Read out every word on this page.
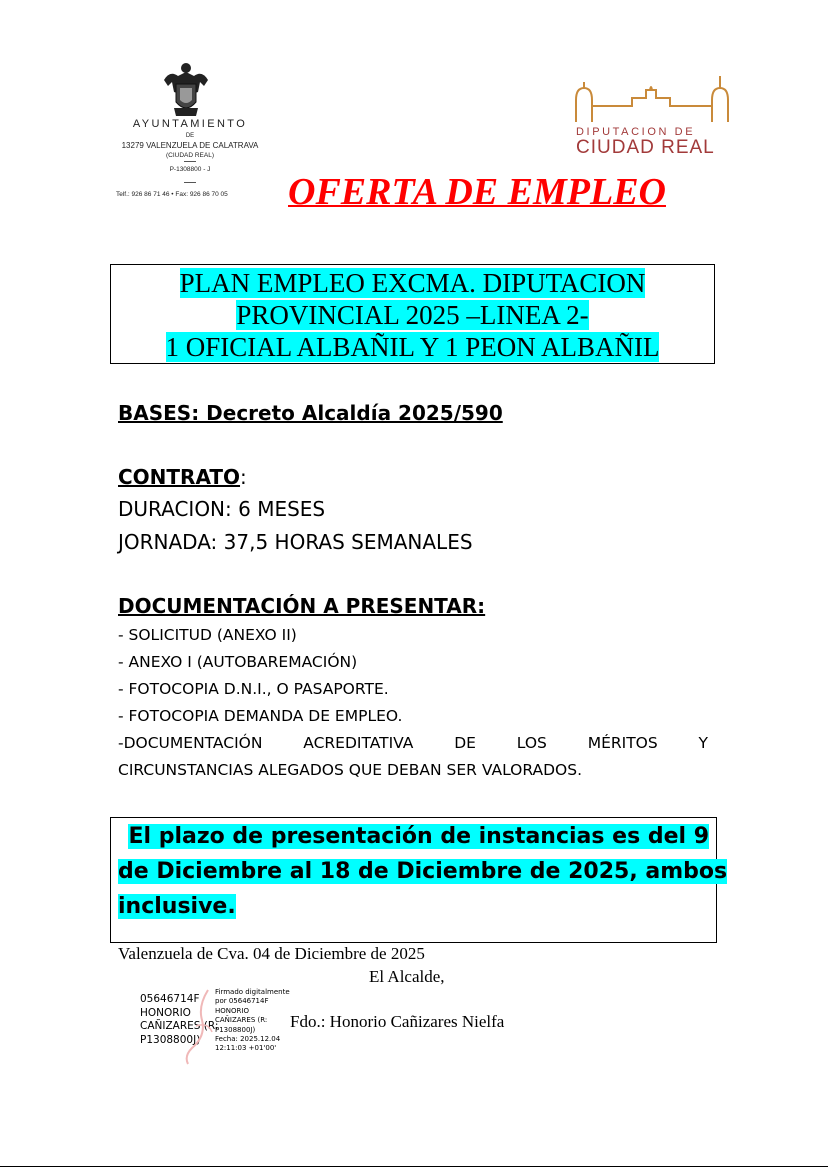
AYUNTAMIENTO
DE
13279 VALENZUELA DE CALATRAVA
(CIUDAD REAL)
P-1308800 - J
Telf.: 926 86 71 46 • Fax: 926 86 70 05
DIPUTACION DE
CIUDAD REAL
OFERTA DE EMPLEO
PLAN EMPLEO EXCMA. DIPUTACION
PROVINCIAL 2025 –LINEA 2-
1 OFICIAL ALBAÑIL Y 1 PEON ALBAÑIL
BASES: Decreto Alcaldía 2025/590
CONTRATO:
DURACION: 6 MESES
JORNADA: 37,5 HORAS SEMANALES
DOCUMENTACIÓN A PRESENTAR:
- SOLICITUD (ANEXO II)
- ANEXO I (AUTOBAREMACIÓN)
- FOTOCOPIA D.N.I., O PASAPORTE.
- FOTOCOPIA DEMANDA DE EMPLEO.
-DOCUMENTACIÓN ACREDITATIVA DE LOS MÉRITOS Y
CIRCUNSTANCIAS ALEGADOS QUE DEBAN SER VALORADOS.
El plazo de presentación de instancias es del 9
de Diciembre al 18 de Diciembre de 2025, ambos
inclusive.
Valenzuela de Cva. 04 de Diciembre de 2025
El Alcalde,
05646714F
HONORIO
CAÑIZARES (R:
P1308800J)
Firmado digitalmente
por 05646714F
HONORIO
CAÑIZARES (R:
P1308800J)
Fecha: 2025.12.04
12:11:03 +01'00'
Fdo.: Honorio Cañizares Nielfa
